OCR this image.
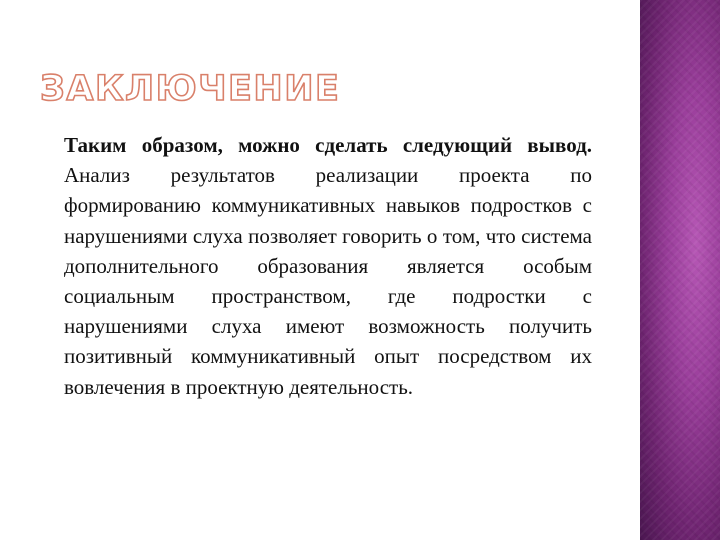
ЗАКЛЮЧЕНИЕ

Таким образом, можно сделать следующий вывод. Анализ результатов реализации проекта по формированию коммуникативных навыков подростков с нарушениями слуха позволяет говорить о том, что система дополнительного образования является особым социальным пространством, где подростки с нарушениями слуха имеют возможность получить позитивный коммуникативный опыт посредством их вовлечения в проектную деятельность.
